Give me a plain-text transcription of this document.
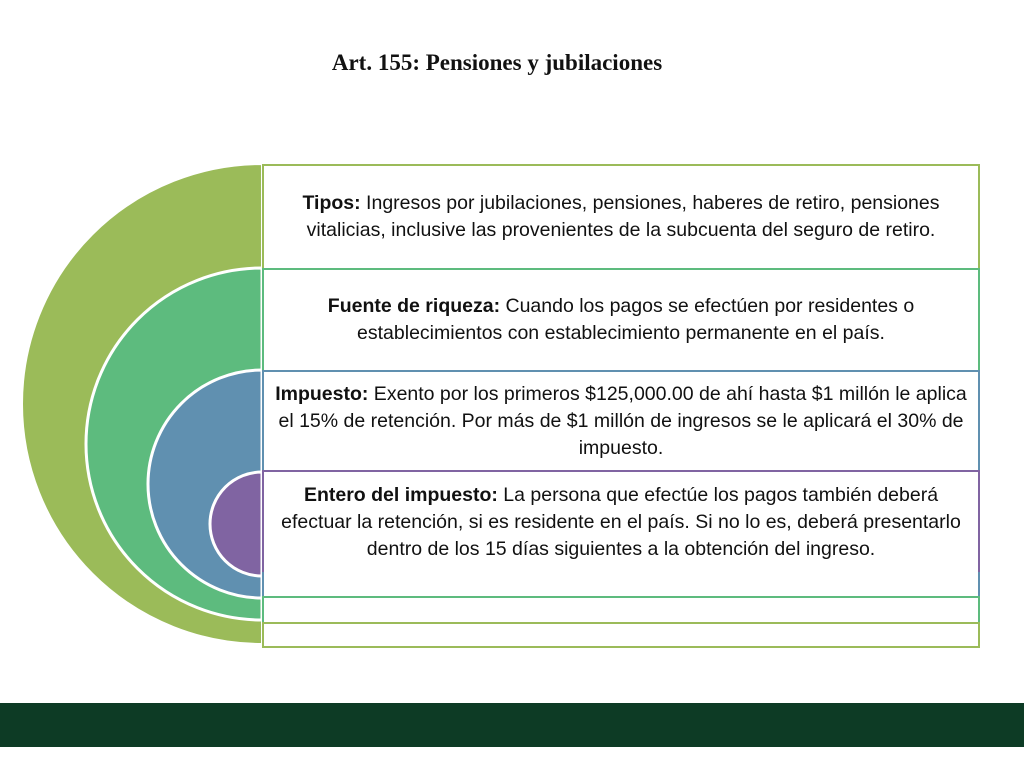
Art. 155: Pensiones y jubilaciones
Tipos: Ingresos por jubilaciones, pensiones, haberes de retiro, pensiones vitalicias, inclusive las provenientes de la subcuenta del seguro de retiro.
Fuente de riqueza: Cuando los pagos se efectúen por residentes o establecimientos con establecimiento permanente en el país.
Impuesto: Exento por los primeros $125,000.00 de ahí hasta $1 millón le aplica el 15% de retención. Por más de $1 millón de ingresos se le aplicará el 30% de impuesto.
Entero del impuesto: La persona que efectúe los pagos también deberá efectuar la retención, si es residente en el país. Si no lo es, deberá presentarlo dentro de los 15 días siguientes a la obtención del ingreso.
